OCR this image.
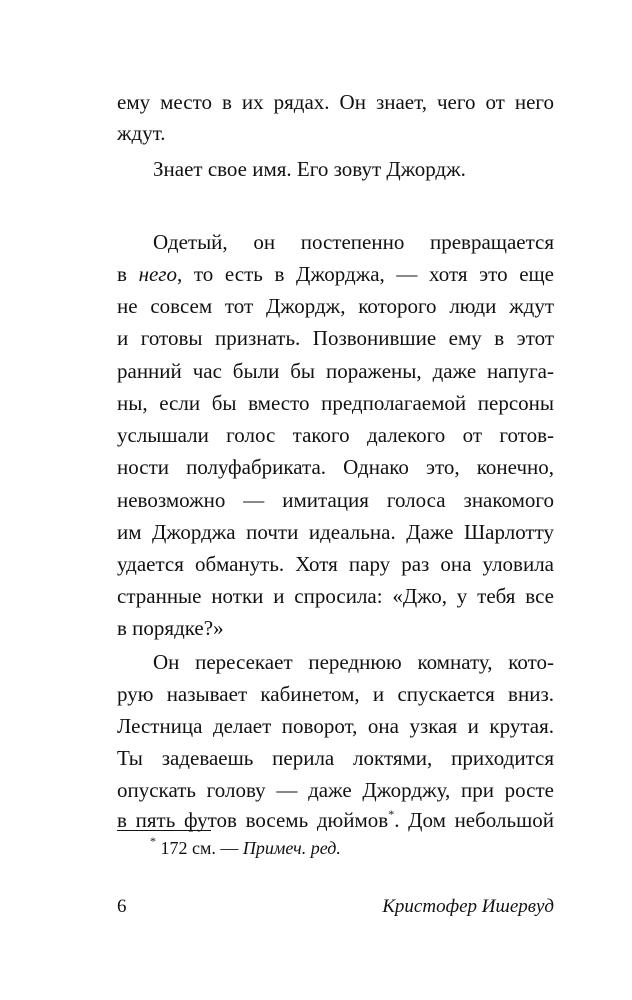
ему место в их рядах. Он знает, чего от него
ждут.
Знает свое имя. Его зовут Джордж.
Одетый, он постепенно превращается
в него, то есть в Джорджа, — хотя это еще
не совсем тот Джордж, которого люди ждут
и готовы признать. Позвонившие ему в этот
ранний час были бы поражены, даже напуга-
ны, если бы вместо предполагаемой персоны
услышали голос такого далекого от готов-
ности полуфабриката. Однако это, конечно,
невозможно — имитация голоса знакомого
им Джорджа почти идеальна. Даже Шарлотту
удается обмануть. Хотя пару раз она уловила
странные нотки и спросила: «Джо, у тебя все
в порядке?»
Он пересекает переднюю комнату, кото-
рую называет кабинетом, и спускается вниз.
Лестница делает поворот, она узкая и крутая.
Ты задеваешь перила локтями, приходится
опускать голову — даже Джорджу, при росте
в пять футов восемь дюймов*. Дом небольшой
* 172 см. — Примеч. ред.
6	Кристофер Ишервуд
